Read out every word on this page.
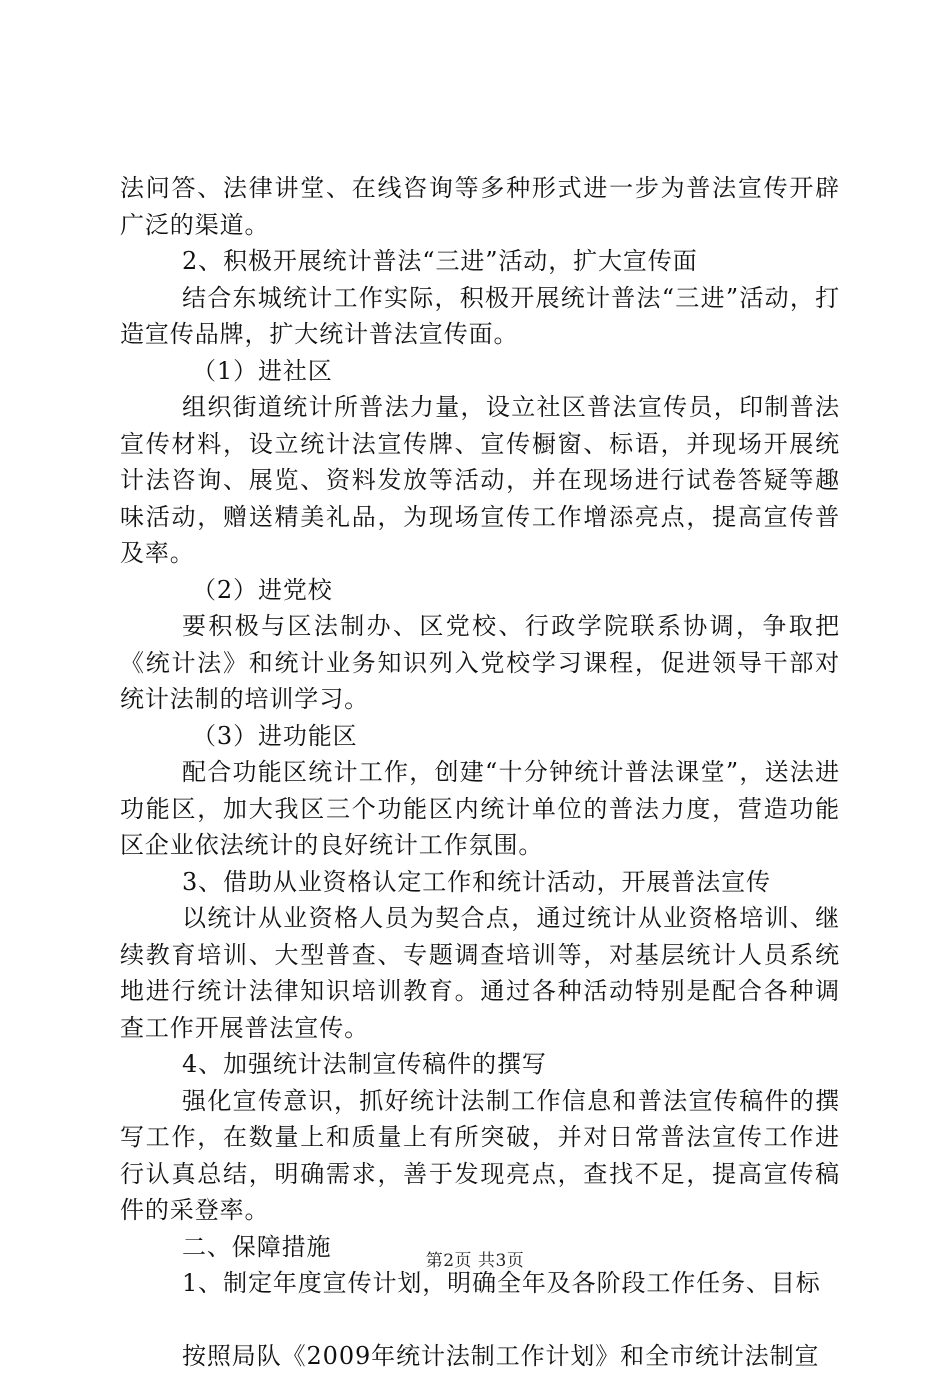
法问答、法律讲堂、在线咨询等多种形式进一步为普法宣传开辟广泛的渠道。

2、积极开展统计普法“三进”活动，扩大宣传面

结合东城统计工作实际，积极开展统计普法“三进”活动，打造宣传品牌，扩大统计普法宣传面。

（1）进社区

组织街道统计所普法力量，设立社区普法宣传员，印制普法宣传材料，设立统计法宣传牌、宣传橱窗、标语，并现场开展统计法咨询、展览、资料发放等活动，并在现场进行试卷答疑等趣味活动，赠送精美礼品，为现场宣传工作增添亮点，提高宣传普及率。

（2）进党校

要积极与区法制办、区党校、行政学院联系协调，争取把《统计法》和统计业务知识列入党校学习课程，促进领导干部对统计法制的培训学习。

（3）进功能区

配合功能区统计工作，创建“十分钟统计普法课堂”，送法进功能区，加大我区三个功能区内统计单位的普法力度，营造功能区企业依法统计的良好统计工作氛围。

3、借助从业资格认定工作和统计活动，开展普法宣传

以统计从业资格人员为契合点，通过统计从业资格培训、继续教育培训、大型普查、专题调查培训等，对基层统计人员系统地进行统计法律知识培训教育。通过各种活动特别是配合各种调查工作开展普法宣传。

4、加强统计法制宣传稿件的撰写

强化宣传意识，抓好统计法制工作信息和普法宣传稿件的撰写工作，在数量上和质量上有所突破，并对日常普法宣传工作进行认真总结，明确需求，善于发现亮点，查找不足，提高宣传稿件的采登率。

二、保障措施

1、制定年度宣传计划，明确全年及各阶段工作任务、目标

按照局队《2009年统计法制工作计划》和全市统计法制宣

第2页 共3页
